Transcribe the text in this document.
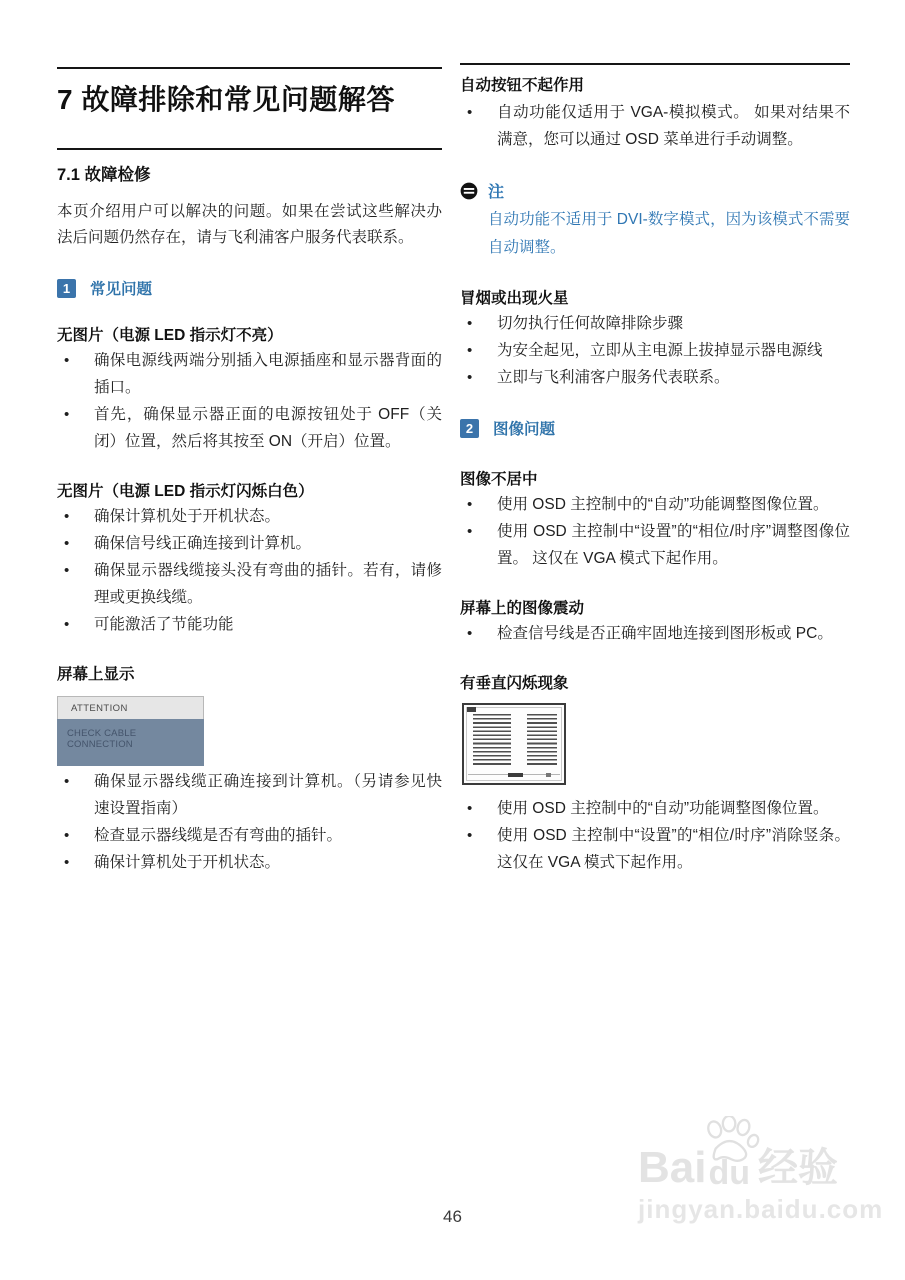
7 故障排除和常见问题解答
7.1 故障检修

本页介绍用户可以解决的问题。如果在尝试这些解决办法后问题仍然存在，请与飞利浦客户服务代表联系。

1	常见问题
无图片（电源 LED 指示灯不亮）
• 确保电源线两端分别插入电源插座和显示器背面的插口。
• 首先，确保显示器正面的电源按钮处于 OFF（关闭）位置，然后将其按至 ON（开启）位置。
无图片（电源 LED 指示灯闪烁白色）
• 确保计算机处于开机状态。
• 确保信号线正确连接到计算机。
• 确保显示器线缆接头没有弯曲的插针。若有，请修理或更换线缆。
• 可能激活了节能功能
屏幕上显示
ATTENTION
CHECK CABLE CONNECTION
• 确保显示器线缆正确连接到计算机。（另请参见快速设置指南）
• 检查显示器线缆是否有弯曲的插针。
• 确保计算机处于开机状态。
自动按钮不起作用
• 自动功能仅适用于 VGA-模拟模式。 如果对结果不满意，您可以通过 OSD 菜单进行手动调整。
注
自动功能不适用于 DVI-数字模式，因为该模式不需要自动调整。
冒烟或出现火星
• 切勿执行任何故障排除步骤
• 为安全起见，立即从主电源上拔掉显示器电源线
• 立即与飞利浦客户服务代表联系。
2	图像问题
图像不居中
• 使用 OSD 主控制中的“自动”功能调整图像位置。
• 使用 OSD 主控制中“设置”的“相位/时序”调整图像位置。 这仅在 VGA 模式下起作用。
屏幕上的图像震动
• 检查信号线是否正确牢固地连接到图形板或 PC。
有垂直闪烁现象
• 使用 OSD 主控制中的“自动”功能调整图像位置。
• 使用 OSD 主控制中“设置”的“相位/时序”消除竖条。这仅在 VGA 模式下起作用。
46
Bai du 经验
jingyan.baidu.com
